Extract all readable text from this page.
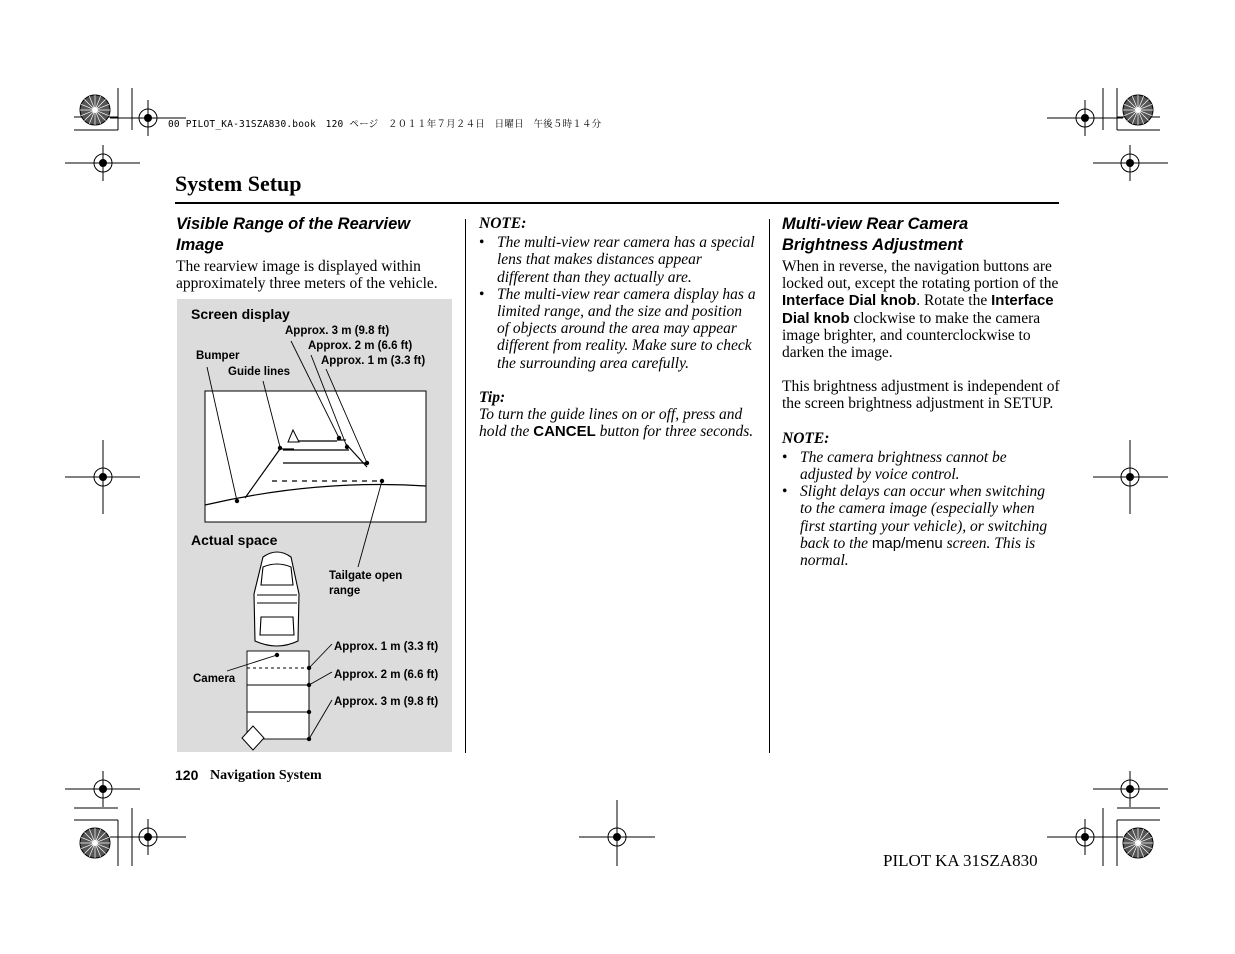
00 PILOT_KA-31SZA830.book　120 ページ　２０１１年７月２４日　日曜日　午後５時１４分
System Setup
Visible Range of the Rearview Image
The rearview image is displayed within approximately three meters of the vehicle.
Screen display
Approx. 3 m (9.8 ft)
Approx. 2 m (6.6 ft)
Approx. 1 m (3.3 ft)
Bumper
Guide lines
Actual space
Tailgate open
range
Camera
Approx. 1 m (3.3 ft)
Approx. 2 m (6.6 ft)
Approx. 3 m (9.8 ft)
NOTE:
• The multi-view rear camera has a special lens that makes distances appear different than they actually are.
• The multi-view rear camera display has a limited range, and the size and position of objects around the area may appear different from reality. Make sure to check the surrounding area carefully.
Tip:
To turn the guide lines on or off, press and hold the CANCEL button for three seconds.
Multi-view Rear Camera Brightness Adjustment
When in reverse, the navigation buttons are locked out, except the rotating portion of the Interface Dial knob. Rotate the Interface Dial knob clockwise to make the camera image brighter, and counterclockwise to darken the image.
This brightness adjustment is independent of the screen brightness adjustment in SETUP.
NOTE:
• The camera brightness cannot be adjusted by voice control.
• Slight delays can occur when switching to the camera image (especially when first starting your vehicle), or switching back to the map/menu screen. This is normal.
120 Navigation System
PILOT KA 31SZA830
